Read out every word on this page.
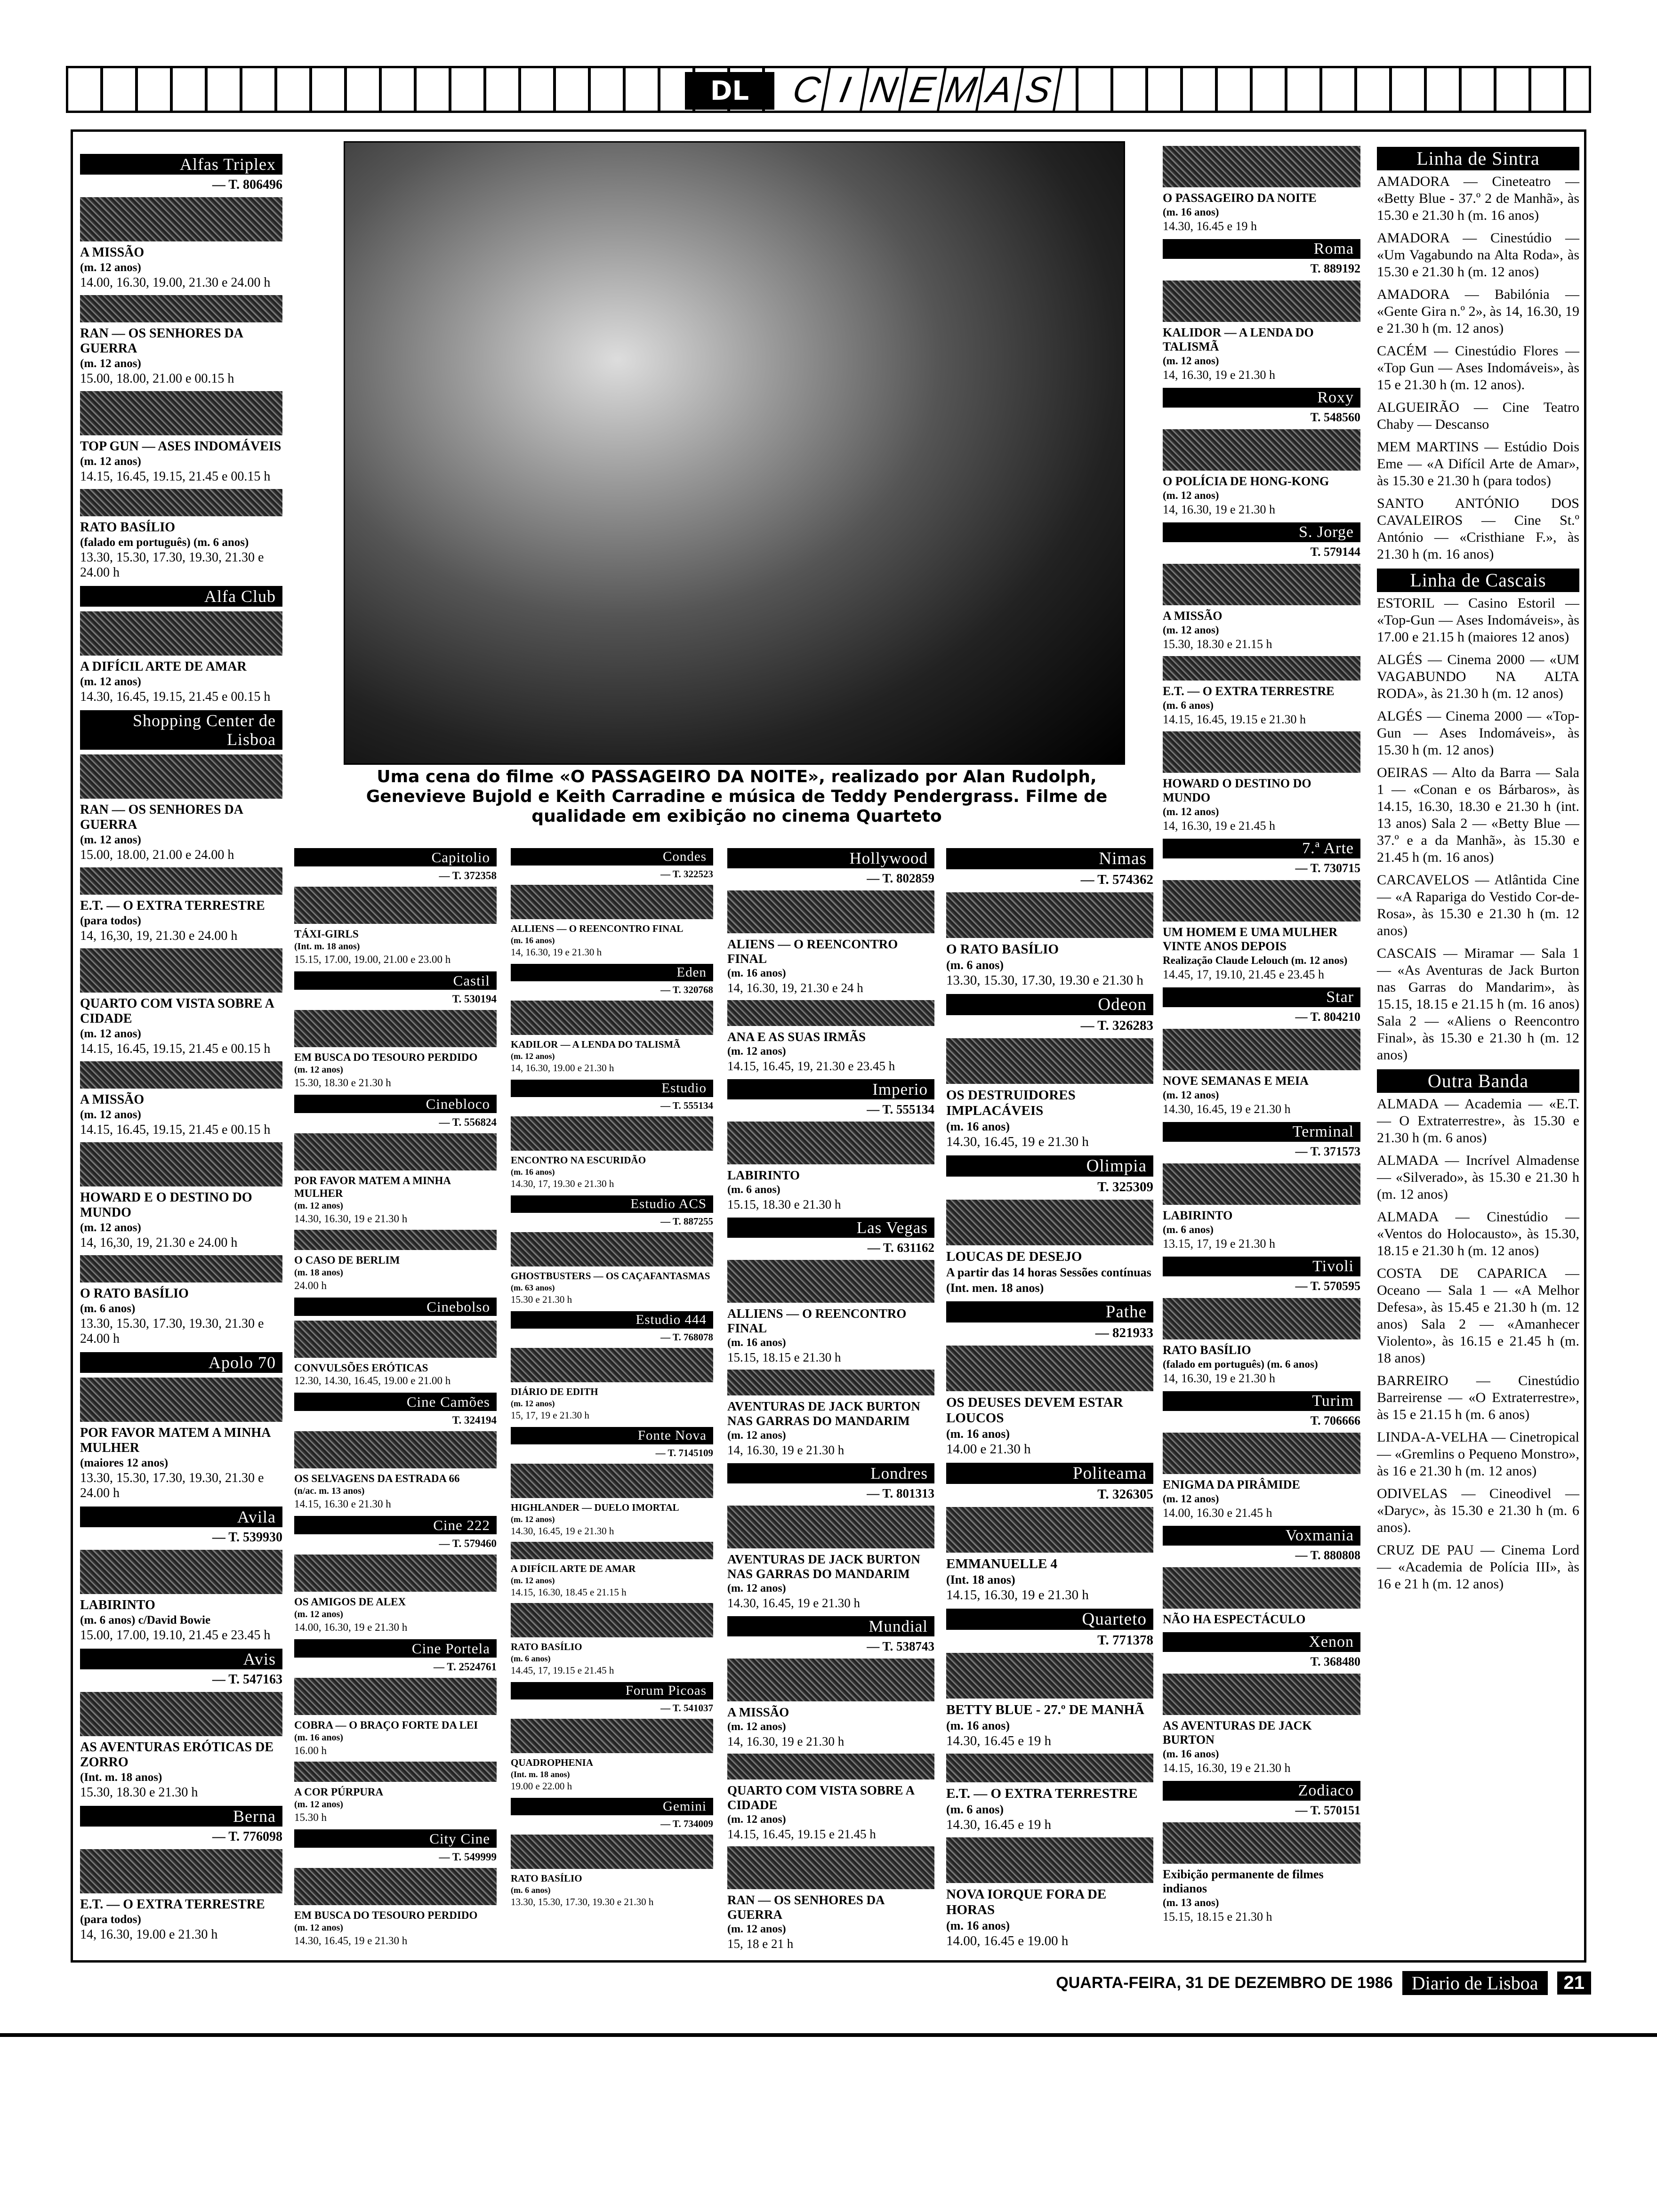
DL	C I N E M A S
Uma cena do filme «O PASSAGEIRO DA NOITE», realizado por Alan Rudolph, Genevieve Bujold e Keith Carradine e música de Teddy Pendergrass. Filme de qualidade em exibição no cinema Quarteto
Alfas Triplex
— T. 806496
A MISSÃO
(m. 12 anos)
14.00, 16.30, 19.00, 21.30 e 24.00 h
RAN — OS SENHORES DA GUERRA
(m. 12 anos)
15.00, 18.00, 21.00 e 00.15 h
TOP GUN — ASES INDOMÁVEIS
(m. 12 anos)
14.15, 16.45, 19.15, 21.45 e 00.15 h
RATO BASÍLIO
(falado em português) (m. 6 anos)
13.30, 15.30, 17.30, 19.30, 21.30 e 24.00 h
Alfa Club
A DIFÍCIL ARTE DE AMAR
(m. 12 anos)
14.30, 16.45, 19.15, 21.45 e 00.15 h
Shopping Center de Lisboa
RAN — OS SENHORES DA GUERRA
(m. 12 anos)
15.00, 18.00, 21.00 e 24.00 h
E.T. — O EXTRA TERRESTRE
(para todos)
14, 16,30, 19, 21.30 e 24.00 h
QUARTO COM VISTA SOBRE A CIDADE
(m. 12 anos)
14.15, 16.45, 19.15, 21.45 e 00.15 h
A MISSÃO
(m. 12 anos)
14.15, 16.45, 19.15, 21.45 e 00.15 h
HOWARD E O DESTINO DO MUNDO
(m. 12 anos)
14, 16,30, 19, 21.30 e 24.00 h
O RATO BASÍLIO
(m. 6 anos)
13.30, 15.30, 17.30, 19.30, 21.30 e 24.00 h
Apolo 70
POR FAVOR MATEM A MINHA MULHER
(maiores 12 anos)
13.30, 15.30, 17.30, 19.30, 21.30 e 24.00 h
Avila
— T. 539930
LABIRINTO
(m. 6 anos) c/David Bowie
15.00, 17.00, 19.10, 21.45 e 23.45 h
Avis
— T. 547163
AS AVENTURAS ERÓTICAS DE ZORRO
(Int. m. 18 anos)
15.30, 18.30 e 21.30 h
Berna
— T. 776098
E.T. — O EXTRA TERRESTRE
(para todos)
14, 16.30, 19.00 e 21.30 h
Capitolio
— T. 372358
TÁXI-GIRLS
(Int. m. 18 anos)
15.15, 17.00, 19.00, 21.00 e 23.00 h
Castil
T. 530194
EM BUSCA DO TESOURO PERDIDO
(m. 12 anos)
15.30, 18.30 e 21.30 h
Cinebloco
— T. 556824
POR FAVOR MATEM A MINHA MULHER
(m. 12 anos)
14.30, 16.30, 19 e 21.30 h
O CASO DE BERLIM
(m. 18 anos)
24.00 h
Cinebolso
CONVULSÕES ERÓTICAS
12.30, 14.30, 16.45, 19.00 e 21.00 h
Cine Camões
T. 324194
OS SELVAGENS DA ESTRADA 66
(n/ac. m. 13 anos)
14.15, 16.30 e 21.30 h
Cine 222
— T. 579460
OS AMIGOS DE ALEX
(m. 12 anos)
14.00, 16.30, 19 e 21.30 h
Cine Portela
— T. 2524761
COBRA — O BRAÇO FORTE DA LEI
(m. 16 anos)
16.00 h
A COR PÚRPURA
(m. 12 anos)
15.30 h
City Cine
— T. 549999
EM BUSCA DO TESOURO PERDIDO
(m. 12 anos)
14.30, 16.45, 19 e 21.30 h
Condes
— T. 322523
ALLIENS — O REENCONTRO FINAL
(m. 16 anos)
14, 16.30, 19 e 21.30 h
Eden
— T. 320768
KADILOR — A LENDA DO TALISMÃ
(m. 12 anos)
14, 16.30, 19.00 e 21.30 h
Estudio
— T. 555134
ENCONTRO NA ESCURIDÃO
(m. 16 anos)
14.30, 17, 19.30 e 21.30 h
Estudio ACS
— T. 887255
GHOSTBUSTERS — OS CAÇAFANTASMAS
(m. 63 anos)
15.30 e 21.30 h
Estudio 444
— T. 768078
DIÁRIO DE EDITH
(m. 12 anos)
15, 17, 19 e 21.30 h
Fonte Nova
— T. 7145109
HIGHLANDER — DUELO IMORTAL
(m. 12 anos)
14.30, 16.45, 19 e 21.30 h
A DIFÍCIL ARTE DE AMAR
(m. 12 anos)
14.15, 16.30, 18.45 e 21.15 h
RATO BASÍLIO
(m. 6 anos)
14.45, 17, 19.15 e 21.45 h
Forum Picoas
— T. 541037
QUADROPHENIA
(Int. m. 18 anos)
19.00 e 22.00 h
Gemini
— T. 734009
RATO BASÍLIO
(m. 6 anos)
13.30, 15.30, 17.30, 19.30 e 21.30 h
Hollywood
— T. 802859
ALIENS — O REENCONTRO FINAL
(m. 16 anos)
14, 16.30, 19, 21.30 e 24 h
ANA E AS SUAS IRMÃS
(m. 12 anos)
14.15, 16.45, 19, 21.30 e 23.45 h
Imperio
— T. 555134
LABIRINTO
(m. 6 anos)
15.15, 18.30 e 21.30 h
Las Vegas
— T. 631162
ALLIENS — O REENCONTRO FINAL
(m. 16 anos)
15.15, 18.15 e 21.30 h
AVENTURAS DE JACK BURTON NAS GARRAS DO MANDARIM
(m. 12 anos)
14, 16.30, 19 e 21.30 h
Londres
— T. 801313
AVENTURAS DE JACK BURTON NAS GARRAS DO MANDARIM
(m. 12 anos)
14.30, 16.45, 19 e 21.30 h
Mundial
— T. 538743
A MISSÃO
(m. 12 anos)
14, 16.30, 19 e 21.30 h
QUARTO COM VISTA SOBRE A CIDADE
(m. 12 anos)
14.15, 16.45, 19.15 e 21.45 h
RAN — OS SENHORES DA GUERRA
(m. 12 anos)
15, 18 e 21 h
Nimas
— T. 574362
O RATO BASÍLIO
(m. 6 anos)
13.30, 15.30, 17.30, 19.30 e 21.30 h
Odeon
— T. 326283
OS DESTRUIDORES IMPLACÁVEIS
(m. 16 anos)
14.30, 16.45, 19 e 21.30 h
Olimpia
T. 325309
LOUCAS DE DESEJO
A partir das 14 horas Sessões contínuas (Int. men. 18 anos)
Pathe
— 821933
OS DEUSES DEVEM ESTAR LOUCOS
(m. 16 anos)
14.00 e 21.30 h
Politeama
T. 326305
EMMANUELLE 4
(Int. 18 anos)
14.15, 16.30, 19 e 21.30 h
Quarteto
T. 771378
BETTY BLUE - 27.º DE MANHÃ
(m. 16 anos)
14.30, 16.45 e 19 h
E.T. — O EXTRA TERRESTRE
(m. 6 anos)
14.30, 16.45 e 19 h
NOVA IORQUE FORA DE HORAS
(m. 16 anos)
14.00, 16.45 e 19.00 h
O PASSAGEIRO DA NOITE
(m. 16 anos)
14.30, 16.45 e 19 h
Roma
T. 889192
KALIDOR — A LENDA DO TALISMÃ
(m. 12 anos)
14, 16.30, 19 e 21.30 h
Roxy
T. 548560
O POLÍCIA DE HONG-KONG
(m. 12 anos)
14, 16.30, 19 e 21.30 h
S. Jorge
T. 579144
A MISSÃO
(m. 12 anos)
15.30, 18.30 e 21.15 h
E.T. — O EXTRA TERRESTRE
(m. 6 anos)
14.15, 16.45, 19.15 e 21.30 h
HOWARD O DESTINO DO MUNDO
(m. 12 anos)
14, 16.30, 19 e 21.45 h
7.ª Arte
— T. 730715
UM HOMEM E UMA MULHER VINTE ANOS DEPOIS
Realização Claude Lelouch (m. 12 anos)
14.45, 17, 19.10, 21.45 e 23.45 h
Star
— T. 804210
NOVE SEMANAS E MEIA
(m. 12 anos)
14.30, 16.45, 19 e 21.30 h
Terminal
— T. 371573
LABIRINTO
(m. 6 anos)
13.15, 17, 19 e 21.30 h
Tivoli
— T. 570595
RATO BASÍLIO
(falado em português) (m. 6 anos)
14, 16.30, 19 e 21.30 h
Turim
T. 706666
ENIGMA DA PIRÂMIDE
(m. 12 anos)
14.00, 16.30 e 21.45 h
Voxmania
— T. 880808
NÃO HA ESPECTÁCULO
Xenon
T. 368480
AS AVENTURAS DE JACK BURTON
(m. 16 anos)
14.15, 16.30, 19 e 21.30 h
Zodiaco
— T. 570151
Exibição permanente de filmes indianos
(m. 13 anos)
15.15, 18.15 e 21.30 h
Linha de Sintra
AMADORA — Cineteatro — «Betty Blue - 37.º 2 de Manhã», às 15.30 e 21.30 h (m. 16 anos)
AMADORA — Cinestúdio — «Um Vagabundo na Alta Roda», às 15.30 e 21.30 h (m. 12 anos)
AMADORA — Babilónia — «Gente Gira n.º 2», às 14, 16.30, 19 e 21.30 h (m. 12 anos)
CACÉM — Cinestúdio Flores — «Top Gun — Ases Indomáveis», às 15 e 21.30 h (m. 12 anos).
ALGUEIRÃO — Cine Teatro Chaby — Descanso
MEM MARTINS — Estúdio Dois Eme — «A Difícil Arte de Amar», às 15.30 e 21.30 h (para todos)
SANTO ANTÓNIO DOS CAVALEIROS — Cine St.º António — «Cristhiane F.», às 21.30 h (m. 16 anos)
Linha de Cascais
ESTORIL — Casino Estoril — «Top-Gun — Ases Indomáveis», às 17.00 e 21.15 h (maiores 12 anos)
ALGÉS — Cinema 2000 — «UM VAGABUNDO NA ALTA RODA», às 21.30 h (m. 12 anos)
ALGÉS — Cinema 2000 — «Top-Gun — Ases Indomáveis», às 15.30 h (m. 12 anos)
OEIRAS — Alto da Barra — Sala 1 — «Conan e os Bárbaros», às 14.15, 16.30, 18.30 e 21.30 h (int. 13 anos) Sala 2 — «Betty Blue — 37.º e a da Manhã», às 15.30 e 21.45 h (m. 16 anos)
CARCAVELOS — Atlântida Cine — «A Rapariga do Vestido Cor-de-Rosa», às 15.30 e 21.30 h (m. 12 anos)
CASCAIS — Miramar — Sala 1 — «As Aventuras de Jack Burton nas Garras do Mandarim», às 15.15, 18.15 e 21.15 h (m. 16 anos) Sala 2 — «Aliens o Reencontro Final», às 15.30 e 21.30 h (m. 12 anos)
Outra Banda
ALMADA — Academia — «E.T. — O Extraterrestre», às 15.30 e 21.30 h (m. 6 anos)
ALMADA — Incrível Almadense — «Silverado», às 15.30 e 21.30 h (m. 12 anos)
ALMADA — Cinestúdio — «Ventos do Holocausto», às 15.30, 18.15 e 21.30 h (m. 12 anos)
COSTA DE CAPARICA — Oceano — Sala 1 — «A Melhor Defesa», às 15.45 e 21.30 h (m. 12 anos) Sala 2 — «Amanhecer Violento», às 16.15 e 21.45 h (m. 18 anos)
BARREIRO — Cinestúdio Barreirense — «O Extraterrestre», às 15 e 21.15 h (m. 6 anos)
LINDA-A-VELHA — Cinetropical — «Gremlins o Pequeno Monstro», às 16 e 21.30 h (m. 12 anos)
ODIVELAS — Cineodivel — «Daryc», às 15.30 e 21.30 h (m. 6 anos).
CRUZ DE PAU — Cinema Lord — «Academia de Polícia III», às 16 e 21 h (m. 12 anos)
QUARTA-FEIRA, 31 DE DEZEMBRO DE 1986	Diario de Lisboa	21
